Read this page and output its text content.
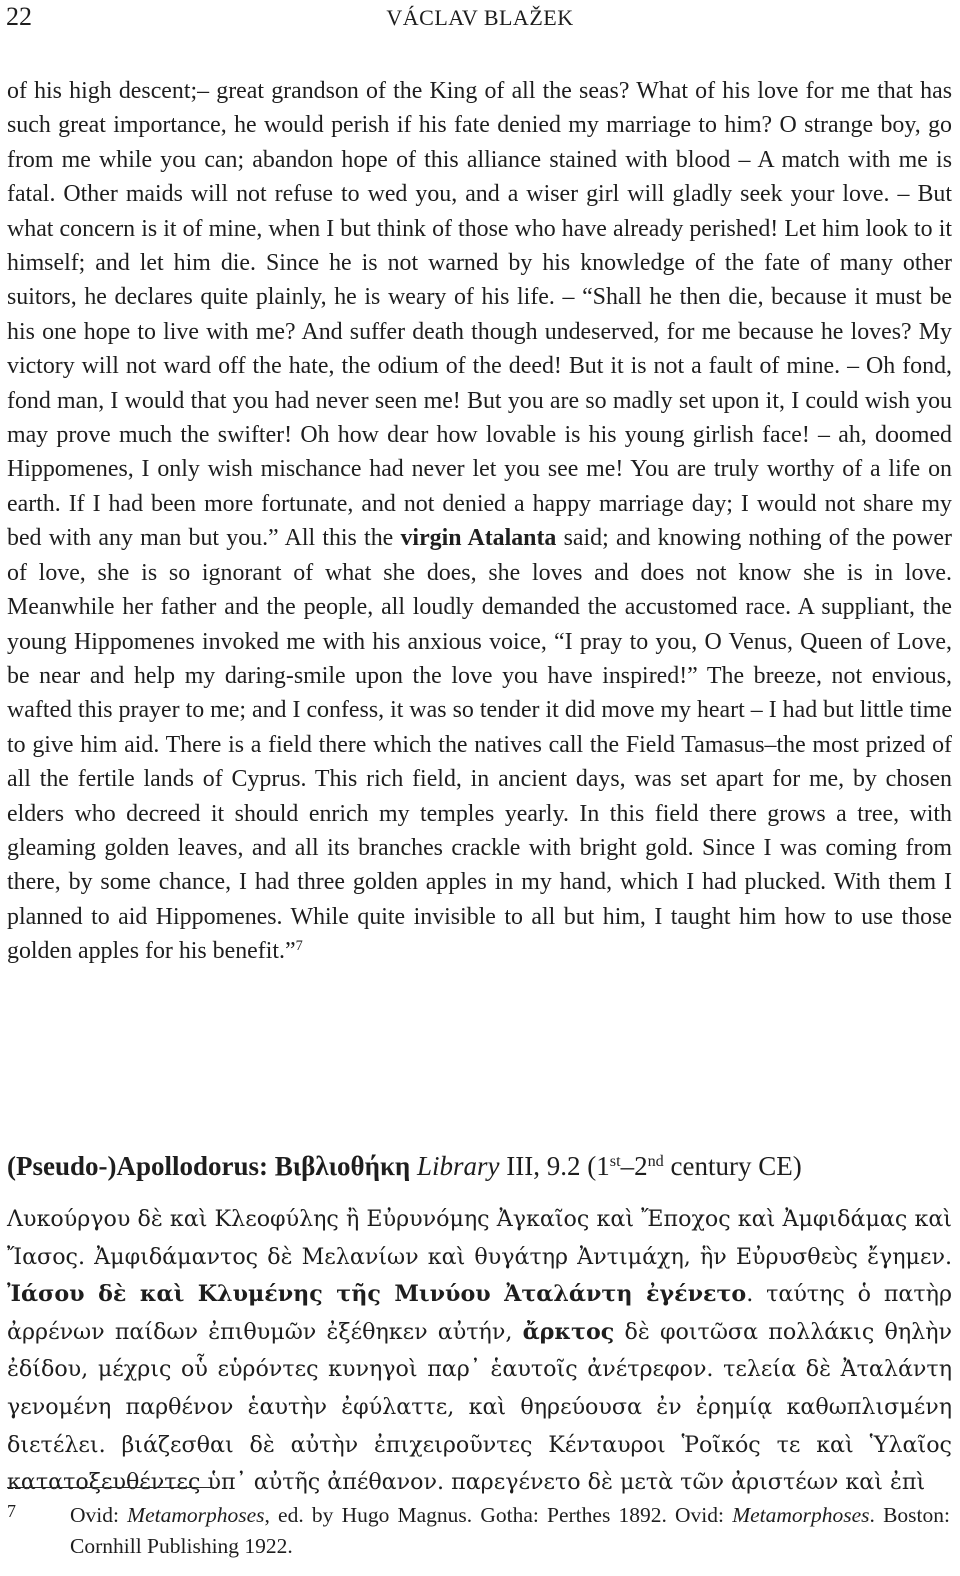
22	VÁCLAV BLAŽEK

of his high descent;– great grandson of the King of all the seas? What of his love for me that has such great importance, he would perish if his fate denied my marriage to him? O strange boy, go from me while you can; abandon hope of this alliance stained with blood – A match with me is fatal. Other maids will not refuse to wed you, and a wiser girl will gladly seek your love. – But what concern is it of mine, when I but think of those who have already perished! Let him look to it himself; and let him die. Since he is not warned by his knowledge of the fate of many other suitors, he declares quite plainly, he is weary of his life. – “Shall he then die, because it must be his one hope to live with me? And suffer death though undeserved, for me because he loves? My victory will not ward off the hate, the odium of the deed! But it is not a fault of mine. – Oh fond, fond man, I would that you had never seen me! But you are so madly set upon it, I could wish you may prove much the swifter! Oh how dear how lovable is his young girlish face! – ah, doomed Hippomenes, I only wish mischance had never let you see me! You are truly worthy of a life on earth. If I had been more fortunate, and not denied a happy marriage day; I would not share my bed with any man but you.” All this the virgin Atalanta said; and knowing nothing of the power of love, she is so ignorant of what she does, she loves and does not know she is in love. Meanwhile her father and the people, all loudly demanded the accustomed race. A suppliant, the young Hippomenes invoked me with his anxious voice, “I pray to you, O Venus, Queen of Love, be near and help my daring-smile upon the love you have inspired!” The breeze, not envious, wafted this prayer to me; and I confess, it was so tender it did move my heart – I had but little time to give him aid. There is a field there which the natives call the Field Tamasus–the most prized of all the fertile lands of Cyprus. This rich field, in ancient days, was set apart for me, by chosen elders who decreed it should enrich my temples yearly. In this field there grows a tree, with gleaming golden leaves, and all its branches crackle with bright gold. Since I was coming from there, by some chance, I had three golden apples in my hand, which I had plucked. With them I planned to aid Hippomenes. While quite invisible to all but him, I taught him how to use those golden apples for his benefit.”$^7$

(Pseudo-)Apollodorus: Βιβλιοθήκη Library III, 9.2 (1st–2nd century CE)

Λυκούργου δὲ καὶ Κλεοφύλης ἢ Εὐρυνόμης Ἀγκαῖος καὶ Ἔποχος καὶ Ἀμφιδάμας καὶ Ἴασος. Ἀμφιδάμαντος δὲ Μελανίων καὶ θυγάτηρ Ἀντιμάχη, ἣν Εὐρυσθεὺς ἔγημεν. Ἰάσου δὲ καὶ Κλυμένης τῆς Μινύου Ἀταλάντη ἐγένετο. ταύτης ὁ πατὴρ ἀρρένων παίδων ἐπιθυμῶν ἐξέθηκεν αὐτήν, ἄρκτος δὲ φοιτῶσα πολλάκις θηλὴν ἐδίδου, μέχρις οὗ εὑρόντες κυνηγοὶ παρ᾽ ἑαυτοῖς ἀνέτρεφον. τελεία δὲ Ἀταλάντη γενομένη παρθένον ἑαυτὴν ἐφύλαττε, καὶ θηρεύουσα ἐν ἐρημίᾳ καθωπλισμένη διετέλει. βιάζεσθαι δὲ αὐτὴν ἐπιχειροῦντες Κένταυροι Ῥοῖκός τε καὶ Ὑλαῖος κατατοξευθέντες ὑπ᾽ αὐτῆς ἀπέθανον. παρεγένετο δὲ μετὰ τῶν ἀριστέων καὶ ἐπὶ

7	Ovid: Metamorphoses, ed. by Hugo Magnus. Gotha: Perthes 1892. Ovid: Metamorphoses. Boston: Cornhill Publishing 1922.
